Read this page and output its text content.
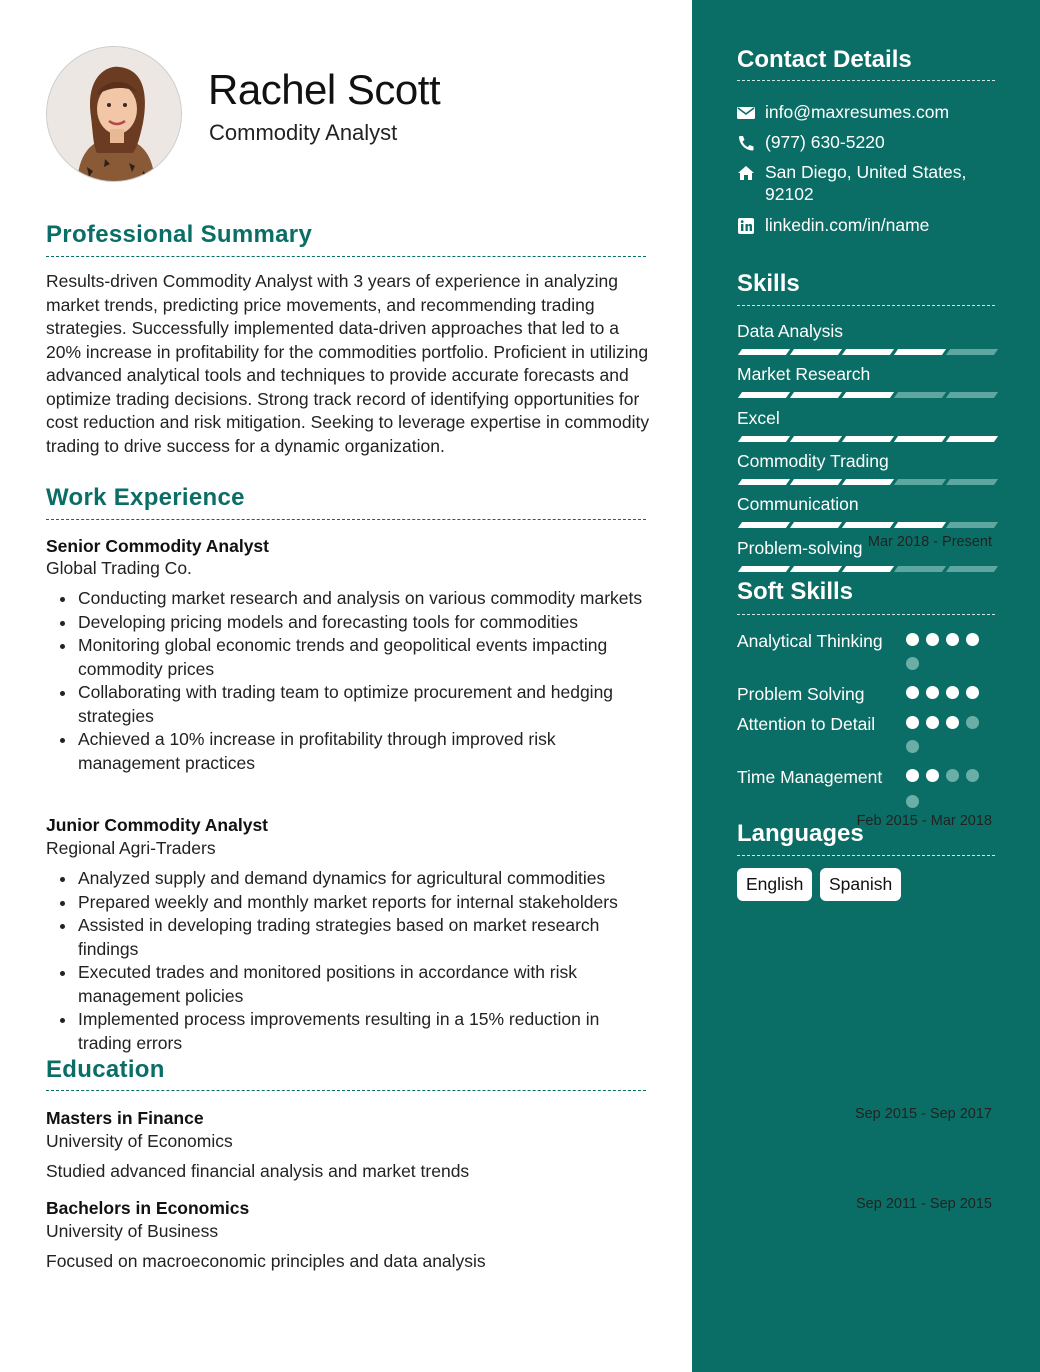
Rachel Scott
Commodity Analyst
Professional Summary
Results-driven Commodity Analyst with 3 years of experience in analyzing market trends, predicting price movements, and recommending trading strategies. Successfully implemented data-driven approaches that led to a 20% increase in profitability for the commodities portfolio. Proficient in utilizing advanced analytical tools and techniques to provide accurate forecasts and optimize trading decisions. Strong track record of identifying opportunities for cost reduction and risk mitigation. Seeking to leverage expertise in commodity trading to drive success for a dynamic organization.
Work Experience
Senior Commodity Analyst	Mar 2018 - Present
Global Trading Co.
Conducting market research and analysis on various commodity markets
Developing pricing models and forecasting tools for commodities
Monitoring global economic trends and geopolitical events impacting commodity prices
Collaborating with trading team to optimize procurement and hedging strategies
Achieved a 10% increase in profitability through improved risk management practices
Junior Commodity Analyst	Feb 2015 - Mar 2018
Regional Agri-Traders
Analyzed supply and demand dynamics for agricultural commodities
Prepared weekly and monthly market reports for internal stakeholders
Assisted in developing trading strategies based on market research findings
Executed trades and monitored positions in accordance with risk management policies
Implemented process improvements resulting in a 15% reduction in trading errors
Education
Masters in Finance	Sep 2015 - Sep 2017
University of Economics
Studied advanced financial analysis and market trends
Bachelors in Economics	Sep 2011 - Sep 2015
University of Business
Focused on macroeconomic principles and data analysis
Contact Details
info@maxresumes.com
(977) 630-5220
San Diego, United States, 92102
linkedin.com/in/name
Skills
Data Analysis
Market Research
Excel
Commodity Trading
Communication
Problem-solving
Soft Skills
Analytical Thinking
Problem Solving
Attention to Detail
Time Management
Languages
English	Spanish
